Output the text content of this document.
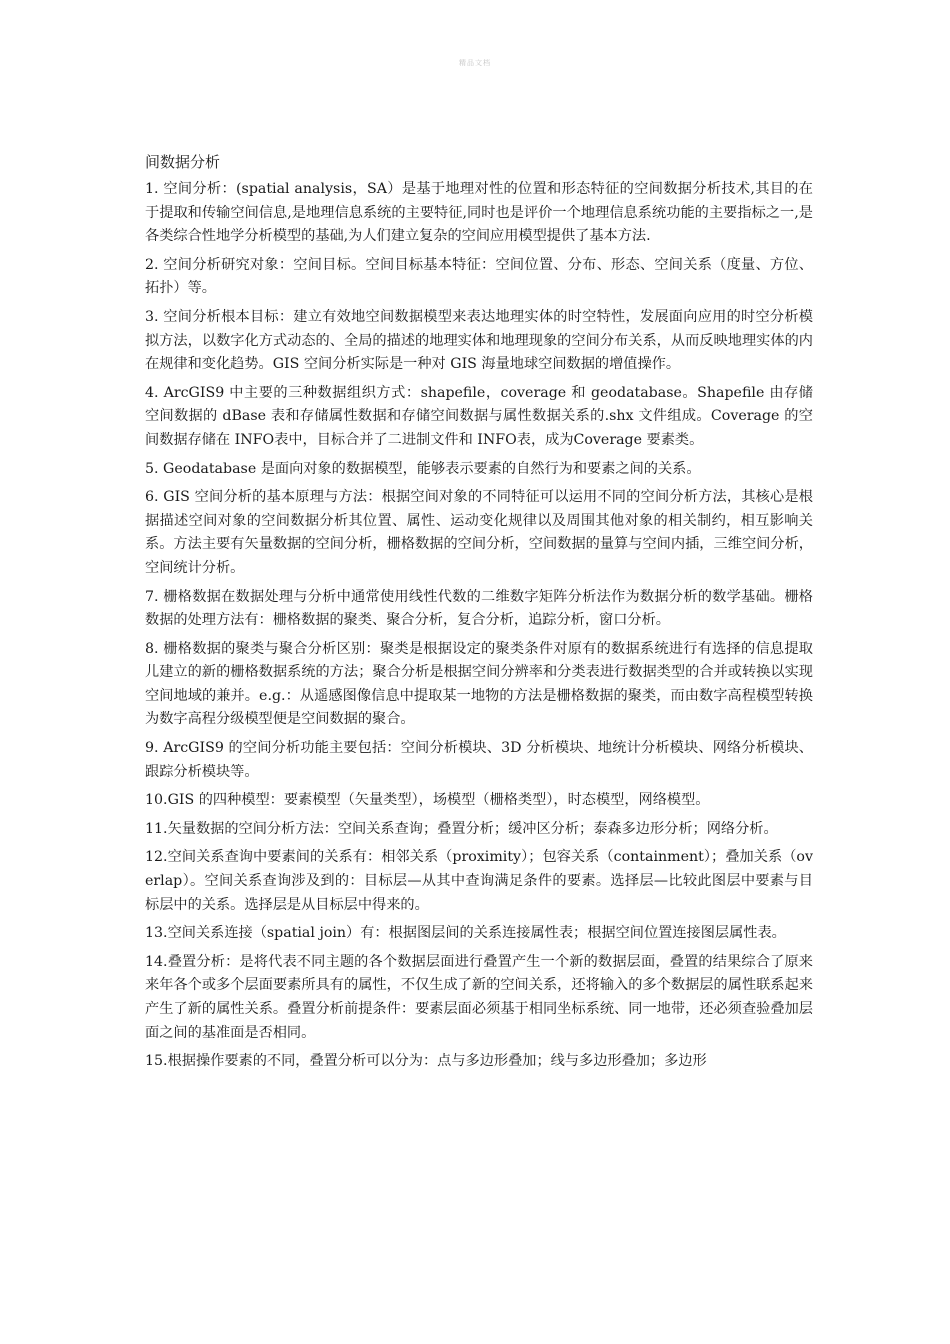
精品文档
间数据分析

1. 空间分析：(spatial analysis，SA）是基于地理对性的位置和形态特征的空间数据分析技术,其目的在于提取和传输空间信息,是地理信息系统的主要特征,同时也是评价一个地理信息系统功能的主要指标之一,是各类综合性地学分析模型的基础,为人们建立复杂的空间应用模型提供了基本方法.

2. 空间分析研究对象：空间目标。空间目标基本特征：空间位置、分布、形态、空间关系（度量、方位、拓扑）等。

3. 空间分析根本目标：建立有效地空间数据模型来表达地理实体的时空特性，发展面向应用的时空分析模拟方法，以数字化方式动态的、全局的描述的地理实体和地理现象的空间分布关系，从而反映地理实体的内在规律和变化趋势。GIS 空间分析实际是一种对 GIS 海量地球空间数据的增值操作。

4. ArcGIS9 中主要的三种数据组织方式：shapefile，coverage 和 geodatabase。Shapefile 由存储空间数据的 dBase 表和存储属性数据和存储空间数据与属性数据关系的.shx 文件组成。Coverage 的空间数据存储在 INFO表中，目标合并了二进制文件和 INFO表，成为Coverage 要素类。

5. Geodatabase 是面向对象的数据模型，能够表示要素的自然行为和要素之间的关系。

6. GIS 空间分析的基本原理与方法：根据空间对象的不同特征可以运用不同的空间分析方法，其核心是根据描述空间对象的空间数据分析其位置、属性、运动变化规律以及周围其他对象的相关制约，相互影响关系。方法主要有矢量数据的空间分析，栅格数据的空间分析，空间数据的量算与空间内插，三维空间分析，空间统计分析。

7. 栅格数据在数据处理与分析中通常使用线性代数的二维数字矩阵分析法作为数据分析的数学基础。栅格数据的处理方法有：栅格数据的聚类、聚合分析，复合分析，追踪分析，窗口分析。

8. 栅格数据的聚类与聚合分析区别：聚类是根据设定的聚类条件对原有的数据系统进行有选择的信息提取儿建立的新的栅格数据系统的方法；聚合分析是根据空间分辨率和分类表进行数据类型的合并或转换以实现空间地域的兼并。e.g.：从遥感图像信息中提取某一地物的方法是栅格数据的聚类，而由数字高程模型转换为数字高程分级模型便是空间数据的聚合。

9. ArcGIS9 的空间分析功能主要包括：空间分析模块、3D 分析模块、地统计分析模块、网络分析模块、跟踪分析模块等。

10.GIS 的四种模型：要素模型（矢量类型），场模型（栅格类型），时态模型，网络模型。

11.矢量数据的空间分析方法：空间关系查询；叠置分析；缓冲区分析；泰森多边形分析；网络分析。

12.空间关系查询中要素间的关系有：相邻关系（proximity）；包容关系（containment）；叠加关系（overlap）。空间关系查询涉及到的：目标层—从其中查询满足条件的要素。选择层—比较此图层中要素与目标层中的关系。选择层是从目标层中得来的。

13.空间关系连接（spatial join）有：根据图层间的关系连接属性表；根据空间位置连接图层属性表。

14.叠置分析：是将代表不同主题的各个数据层面进行叠置产生一个新的数据层面，叠置的结果综合了原来来年各个或多个层面要素所具有的属性，不仅生成了新的空间关系，还将输入的多个数据层的属性联系起来产生了新的属性关系。叠置分析前提条件：要素层面必须基于相同坐标系统、同一地带，还必须查验叠加层面之间的基准面是否相同。

15.根据操作要素的不同，叠置分析可以分为：点与多边形叠加；线与多边形叠加；多边形
